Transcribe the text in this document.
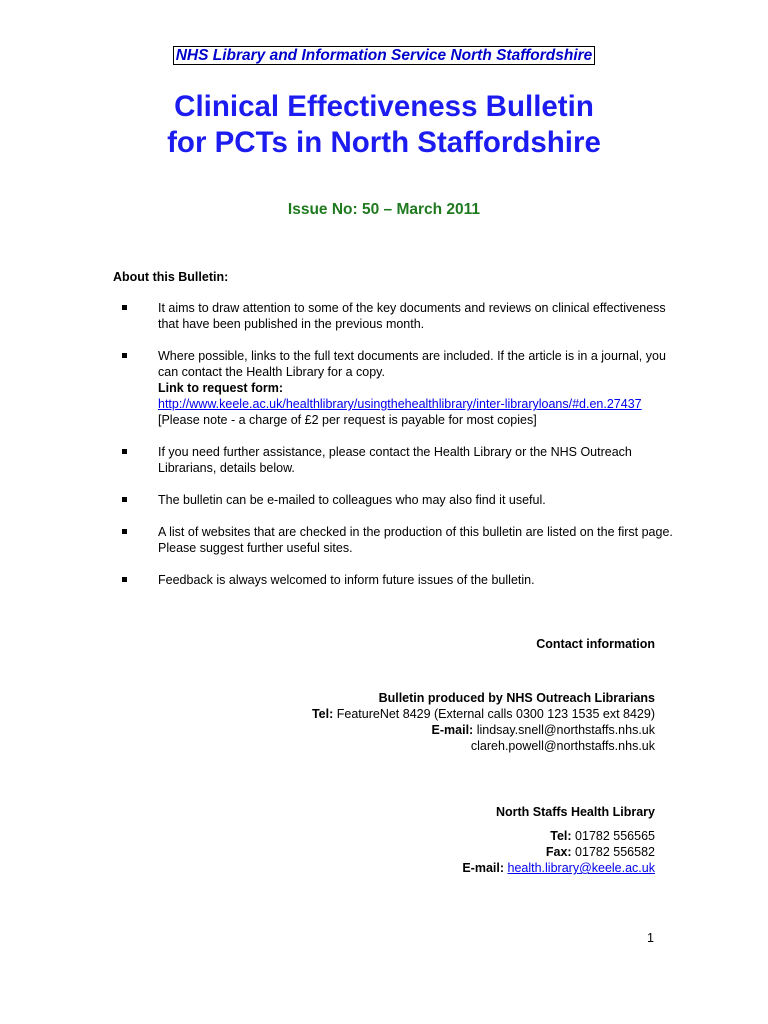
NHS Library and Information Service North Staffordshire
Clinical Effectiveness Bulletin
for PCTs in North Staffordshire
Issue No: 50 – March 2011
About this Bulletin:
It aims to draw attention to some of the key documents and reviews on clinical effectiveness that have been published in the previous month.
Where possible, links to the full text documents are included. If the article is in a journal, you can contact the Health Library for a copy.
Link to request form:
http://www.keele.ac.uk/healthlibrary/usingthehealthlibrary/inter-libraryloans/#d.en.27437
[Please note - a charge of £2 per request is payable for most copies]
If you need further assistance, please contact the Health Library or the NHS Outreach Librarians, details below.
The bulletin can be e-mailed to colleagues who may also find it useful.
A list of websites that are checked in the production of this bulletin are listed on the first page. Please suggest further useful sites.
Feedback is always welcomed to inform future issues of the bulletin.
Contact information
Bulletin produced by NHS Outreach Librarians
Tel: FeatureNet 8429 (External calls 0300 123 1535 ext 8429)
E-mail: lindsay.snell@northstaffs.nhs.uk
clareh.powell@northstaffs.nhs.uk
North Staffs Health Library
Tel: 01782 556565
Fax: 01782 556582
E-mail: health.library@keele.ac.uk
1
